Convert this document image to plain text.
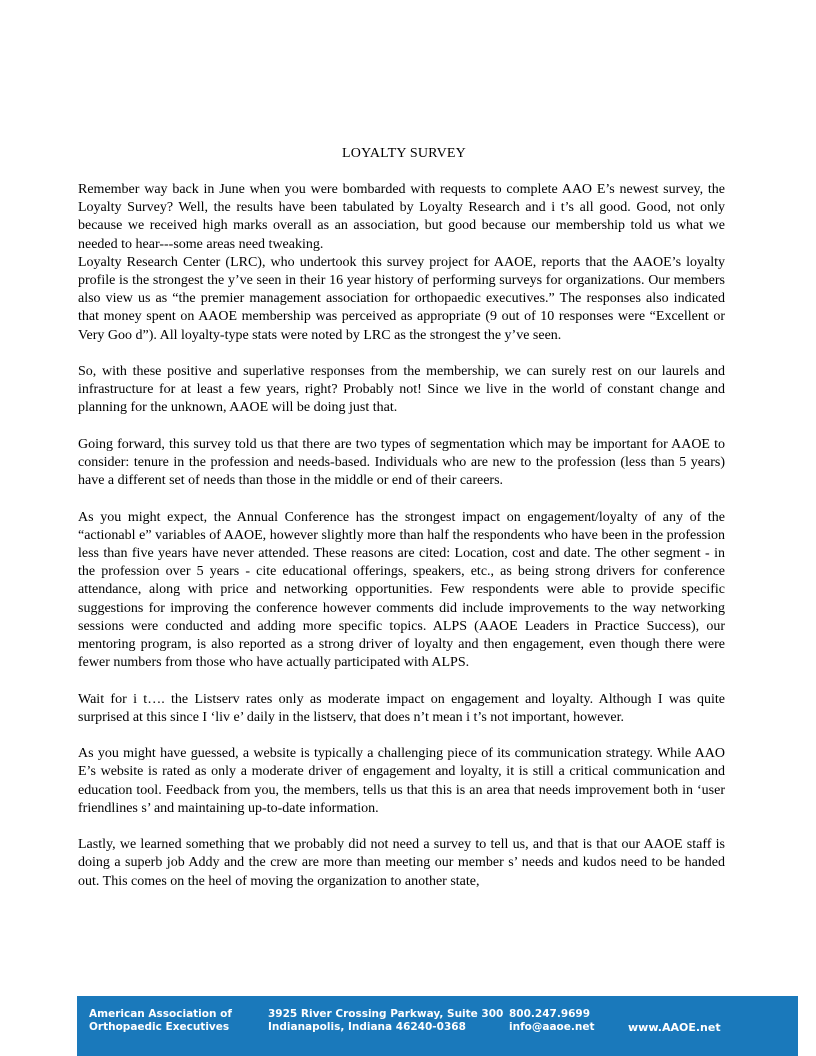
LOYALTY SURVEY

Remember way back in June when you were bombarded with requests to complete AAO E’s newest survey, the Loyalty Survey? Well, the results have been tabulated by Loyalty Research and i t’s all good. Good, not only because we received high marks overall as an association, but good because our membership told us what we needed to hear---some areas need tweaking.

Loyalty Research Center (LRC), who undertook this survey project for AAOE, reports that the AAOE’s loyalty profile is the strongest the y’ve seen in their 16 year history of performing surveys for organizations. Our members also view us as “the premier management association for orthopaedic executives.” The responses also indicated that money spent on AAOE membership was perceived as appropriate (9 out of 10 responses were “Excellent or Very Goo d”). All loyalty-type stats were noted by LRC as the strongest the y’ve seen.

So, with these positive and superlative responses from the membership, we can surely rest on our laurels and infrastructure for at least a few years, right? Probably not! Since we live in the world of constant change and planning for the unknown, AAOE will be doing just that.

Going forward, this survey told us that there are two types of segmentation which may be important for AAOE to consider: tenure in the profession and needs-based. Individuals who are new to the profession (less than 5 years) have a different set of needs than those in the middle or end of their careers.

As you might expect, the Annual Conference has the strongest impact on engagement/loyalty of any of the “actionabl e” variables of AAOE, however slightly more than half the respondents who have been in the profession less than five years have never attended. These reasons are cited: Location, cost and date. The other segment - in the profession over 5 years - cite educational offerings, speakers, etc., as being strong drivers for conference attendance, along with price and networking opportunities. Few respondents were able to provide specific suggestions for improving the conference however comments did include improvements to the way networking sessions were conducted and adding more specific topics. ALPS (AAOE Leaders in Practice Success), our mentoring program, is also reported as a strong driver of loyalty and then engagement, even though there were fewer numbers from those who have actually participated with ALPS.

Wait for i t…. the Listserv rates only as moderate impact on engagement and loyalty. Although I was quite surprised at this since I ‘liv e’ daily in the listserv, that does n’t mean i t’s not important, however.

As you might have guessed, a website is typically a challenging piece of its communication strategy. While AAO E’s website is rated as only a moderate driver of engagement and loyalty, it is still a critical communication and education tool. Feedback from you, the members, tells us that this is an area that needs improvement both in ‘user friendlines s’ and maintaining up-to-date information.

Lastly, we learned something that we probably did not need a survey to tell us, and that is that our AAOE staff is doing a superb job Addy and the crew are more than meeting our member s’ needs and kudos need to be handed out. This comes on the heel of moving the organization to another state,

American Association of
Orthopaedic Executives
3925 River Crossing Parkway, Suite 300
Indianapolis, Indiana 46240-0368
800.247.9699
info@aaoe.net	www.AAOE.net
